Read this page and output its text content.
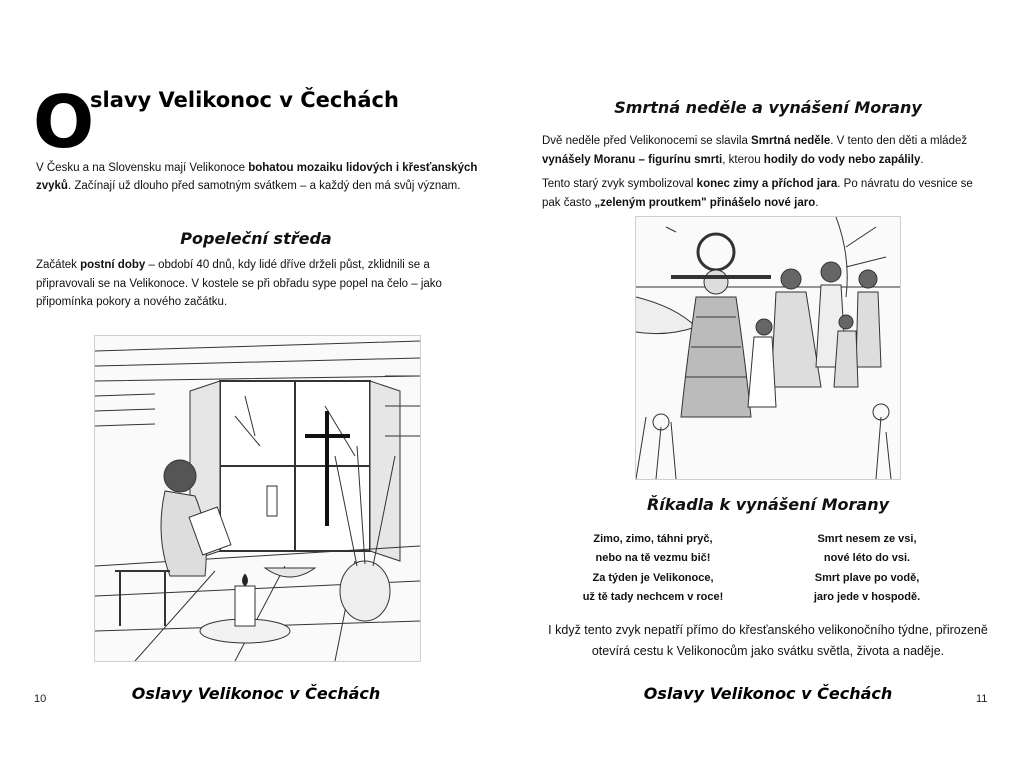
O
slavy Velikonoc v Čechách

V Česku a na Slovensku mají Velikonoce bohatou mozaiku lidových i křesťanských zvyků. Začínají už dlouho před samotným svátkem – a každý den má svůj význam.

Popeleční středa

Začátek postní doby – období 40 dnů, kdy lidé dříve drželi půst, zklidnili se a připravovali se na Velikonoce. V kostele se při obřadu sype popel na čelo – jako připomínka pokory a nového začátku.

Oslavy Velikonoc v Čechách
10
Smrtná neděle a vynášení Morany

Dvě neděle před Velikonocemi se slavila Smrtná neděle. V tento den děti a mládež vynášely Moranu – figurínu smrti, kterou hodily do vody nebo zapálily.

Tento starý zvyk symbolizoval konec zimy a příchod jara. Po návratu do vesnice se pak často „zeleným proutkem" přinášelo nové jaro.

Říkadla k vynášení Morany
Zimo, zimo, táhni pryč,
nebo na tě vezmu bič!
Za týden je Velikonoce,
už tě tady nechcem v roce!
Smrt nesem ze vsi,
nové léto do vsi.
Smrt plave po vodě,
jaro jede v hospodě.

I když tento zvyk nepatří přímo do křesťanského velikonočního týdne, přirozeně otevírá cestu k Velikonocům jako svátku světla, života a naděje.

Oslavy Velikonoc v Čechách	11
